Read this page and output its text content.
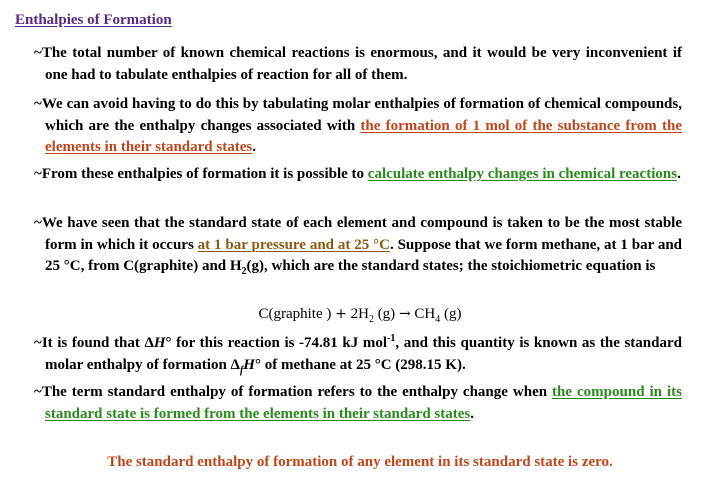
Enthalpies of Formation
~The total number of known chemical reactions is enormous, and it would be very inconvenient if one had to tabulate enthalpies of reaction for all of them.
~We can avoid having to do this by tabulating molar enthalpies of formation of chemical compounds, which are the enthalpy changes associated with the formation of 1 mol of the substance from the elements in their standard states.
~From these enthalpies of formation it is possible to calculate enthalpy changes in chemical reactions.
~We have seen that the standard state of each element and compound is taken to be the most stable form in which it occurs at 1 bar pressure and at 25 °C. Suppose that we form methane, at 1 bar and 25 °C, from C(graphite) and $H_2(g)$, which are the standard states; the stoichiometric equation is
C(graphite ) + $2H_2$ $(g) \to CH_4$ (g)
~It is found that ΔH° for this reaction is -74.81 kJ mol$^{-1}$, and this quantity is known as the standard molar enthalpy of formation $\Delta_fH^\circ$ of methane at 25 °C (298.15 K).
~The term standard enthalpy of formation refers to the enthalpy change when the compound in its standard state is formed from the elements in their standard states.
The standard enthalpy of formation of any element in its standard state is zero.
